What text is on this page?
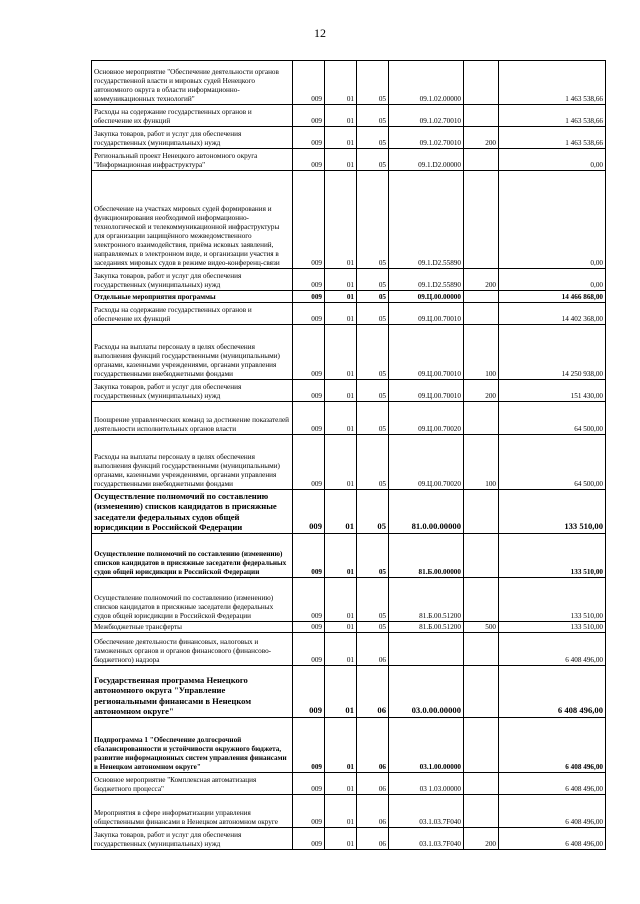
12
Основное мероприятие "Обеспечение деятельности органов государственной власти и мировых судей Ненецкого автономного округа в области информационно-коммуникационных технологий"	009	01	05	09.1.02.00000		1 463 538,66
Расходы на содержание государственных органов и обеспечение их функций	009	01	05	09.1.02.70010		1 463 538,66
Закупка товаров, работ и услуг для обеспечения государственных (муниципальных) нужд	009	01	05	09.1.02.70010	200	1 463 538,66
Региональный проект Ненецкого автономного округа "Информационная инфраструктура"	009	01	05	09.1.D2.00000		0,00
Обеспечение на участках мировых судей формирования и функционирования необходимой информационно-технологической и телекоммуникационной инфраструктуры для организации защищённого межведомственного электронного взаимодействия, приёма исковых заявлений, направляемых в электронном виде, и организации участия в заседаниях мировых судов в режиме видео-конференц-связи	009	01	05	09.1.D2.55890		0,00
Закупка товаров, работ и услуг для обеспечения государственных (муниципальных) нужд	009	01	05	09.1.D2.55890	200	0,00
Отдельные мероприятия программы	009	01	05	09.Ц.00.00000		14 466 868,00
Расходы на содержание государственных органов и обеспечение их функций	009	01	05	09.Ц.00.70010		14 402 368,00
Расходы на выплаты персоналу в целях обеспечения выполнения функций государственными (муниципальными) органами, казенными учреждениями, органами управления государственными внебюджетными фондами	009	01	05	09.Ц.00.70010	100	14 250 938,00
Закупка товаров, работ и услуг для обеспечения государственных (муниципальных) нужд	009	01	05	09.Ц.00.70010	200	151 430,00
Поощрение управленческих команд за достижение показателей деятельности исполнительных органов власти	009	01	05	09.Ц.00.70020		64 500,00
Расходы на выплаты персоналу в целях обеспечения выполнения функций государственными (муниципальными) органами, казенными учреждениями, органами управления государственными внебюджетными фондами	009	01	05	09.Ц.00.70020	100	64 500,00
Осуществление полномочий по составлению (изменению) списков кандидатов в присяжные заседатели федеральных судов общей юрисдикции в Российской Федерации	009	01	05	81.0.00.00000		133 510,00
Осуществление полномочий по составлению (изменению) списков кандидатов в присяжные заседатели федеральных судов общей юрисдикции в Российской Федерации	009	01	05	81.Б.00.00000		133 510,00
Осуществление полномочий по составлению (изменению) списков кандидатов в присяжные заседатели федеральных судов общей юрисдикции в Российской Федерации	009	01	05	81.Б.00.51200		133 510,00
Межбюджетные трансферты	009	01	05	81.Б.00.51200	500	133 510,00
Обеспечение деятельности финансовых, налоговых и таможенных органов и органов финансового (финансово-бюджетного) надзора	009	01	06			6 408 496,00
Государственная программа Ненецкого автономного округа "Управление региональными финансами в Ненецком автономном округе"	009	01	06	03.0.00.00000		6 408 496,00
Подпрограмма 1 "Обеспечение долгосрочной сбалансированности и устойчивости окружного бюджета, развитие информационных систем управления финансами в Ненецком автономном округе"	009	01	06	03.1.00.00000		6 408 496,00
Основное мероприятие "Комплексная автоматизация бюджетного процесса"	009	01	06	03 1.03.00000		6 408 496,00
Мероприятия в сфере информатизации управления общественными финансами в Ненецком автономном округе	009	01	06	03.1.03.7F040		6 408 496,00
Закупка товаров, работ и услуг для обеспечения государственных (муниципальных) нужд	009	01	06	03.1.03.7F040	200	6 408 496,00
